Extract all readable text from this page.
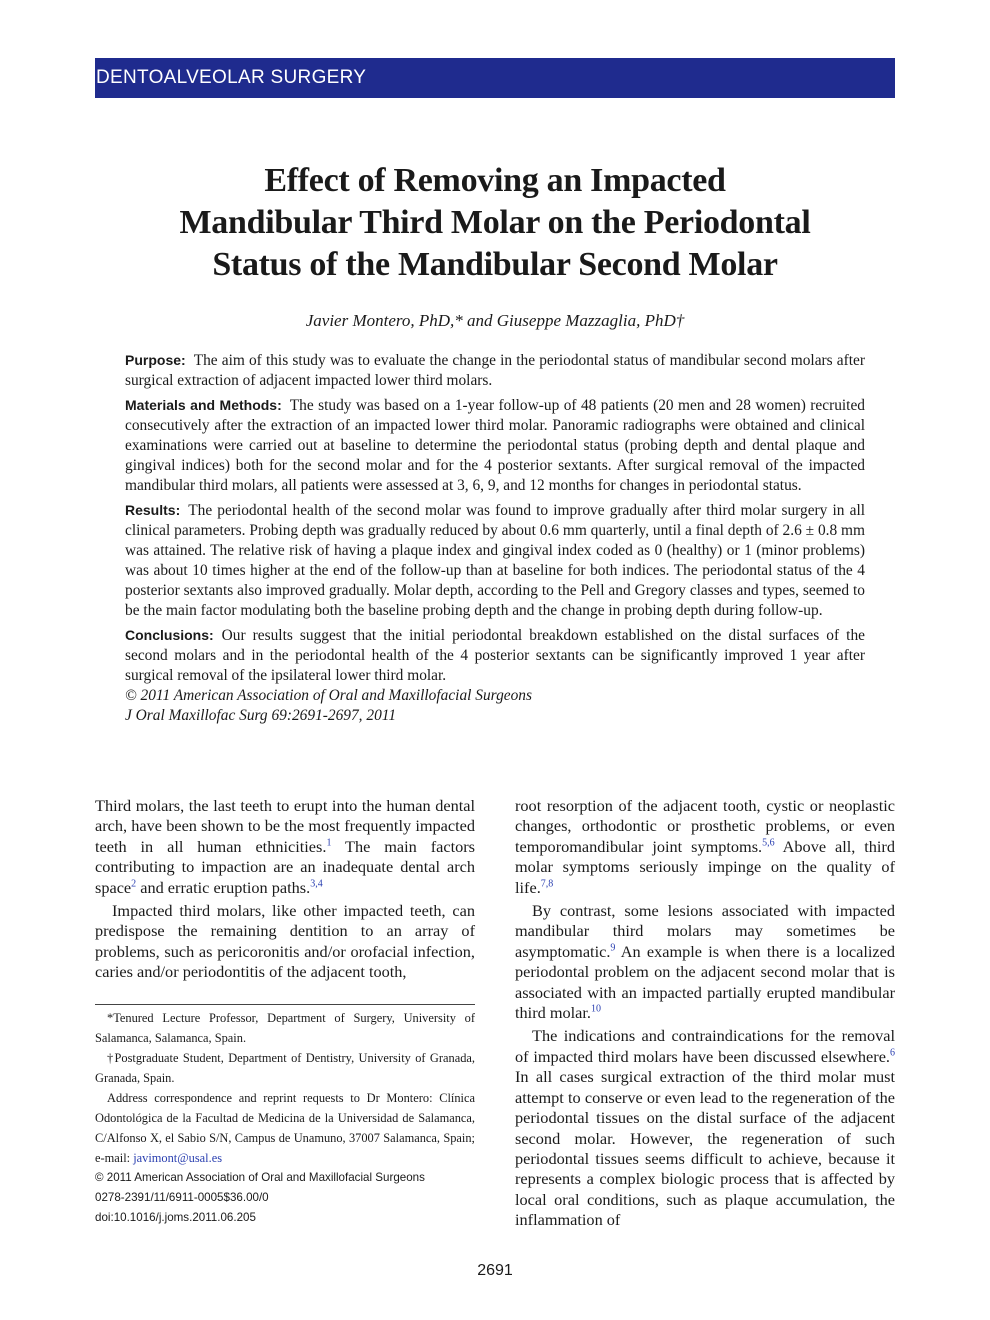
DENTOALVEOLAR SURGERY
Effect of Removing an Impacted
Mandibular Third Molar on the Periodontal
Status of the Mandibular Second Molar
Javier Montero, PhD,* and Giuseppe Mazzaglia, PhD†

Purpose: The aim of this study was to evaluate the change in the periodontal status of mandibular second molars after surgical extraction of adjacent impacted lower third molars.

Materials and Methods: The study was based on a 1-year follow-up of 48 patients (20 men and 28 women) recruited consecutively after the extraction of an impacted lower third molar. Panoramic radiographs were obtained and clinical examinations were carried out at baseline to determine the periodontal status (probing depth and dental plaque and gingival indices) both for the second molar and for the 4 posterior sextants. After surgical removal of the impacted mandibular third molars, all patients were assessed at 3, 6, 9, and 12 months for changes in periodontal status.

Results: The periodontal health of the second molar was found to improve gradually after third molar surgery in all clinical parameters. Probing depth was gradually reduced by about 0.6 mm quarterly, until a final depth of 2.6 ± 0.8 mm was attained. The relative risk of having a plaque index and gingival index coded as 0 (healthy) or 1 (minor problems) was about 10 times higher at the end of the follow-up than at baseline for both indices. The periodontal status of the 4 posterior sextants also improved gradually. Molar depth, according to the Pell and Gregory classes and types, seemed to be the main factor modulating both the baseline probing depth and the change in probing depth during follow-up.

Conclusions: Our results suggest that the initial periodontal breakdown established on the distal surfaces of the second molars and in the periodontal health of the 4 posterior sextants can be significantly improved 1 year after surgical removal of the ipsilateral lower third molar.

© 2011 American Association of Oral and Maxillofacial Surgeons

J Oral Maxillofac Surg 69:2691-2697, 2011

Third molars, the last teeth to erupt into the human dental arch, have been shown to be the most frequently impacted teeth in all human ethnicities.$^1$ The main factors contributing to impaction are an inadequate dental arch space$^2$ and erratic eruption paths.$^{3,4}$

Impacted third molars, like other impacted teeth, can predispose the remaining dentition to an array of problems, such as pericoronitis and/or orofacial infection, caries and/or periodontitis of the adjacent tooth,

*Tenured Lecture Professor, Department of Surgery, University of Salamanca, Salamanca, Spain.

†Postgraduate Student, Department of Dentistry, University of Granada, Granada, Spain.

Address correspondence and reprint requests to Dr Montero: Clínica Odontológica de la Facultad de Medicina de la Universidad de Salamanca, C/Alfonso X, el Sabio S/N, Campus de Unamuno, 37007 Salamanca, Spain; e-mail: javimont@usal.es

© 2011 American Association of Oral and Maxillofacial Surgeons

0278-2391/11/6911-0005$36.00/0

doi:10.1016/j.joms.2011.06.205

root resorption of the adjacent tooth, cystic or neoplastic changes, orthodontic or prosthetic problems, or even temporomandibular joint symptoms.$^{5,6}$ Above all, third molar symptoms seriously impinge on the quality of life.$^{7,8}$

By contrast, some lesions associated with impacted mandibular third molars may sometimes be asymptomatic.$^9$ An example is when there is a localized periodontal problem on the adjacent second molar that is associated with an impacted partially erupted mandibular third molar.$^{10}$

The indications and contraindications for the removal of impacted third molars have been discussed elsewhere.$^6$ In all cases surgical extraction of the third molar must attempt to conserve or even lead to the regeneration of the periodontal tissues on the distal surface of the adjacent second molar. However, the regeneration of such periodontal tissues seems difficult to achieve, because it represents a complex biologic process that is affected by local oral conditions, such as plaque accumulation, the inflammation of

2691
